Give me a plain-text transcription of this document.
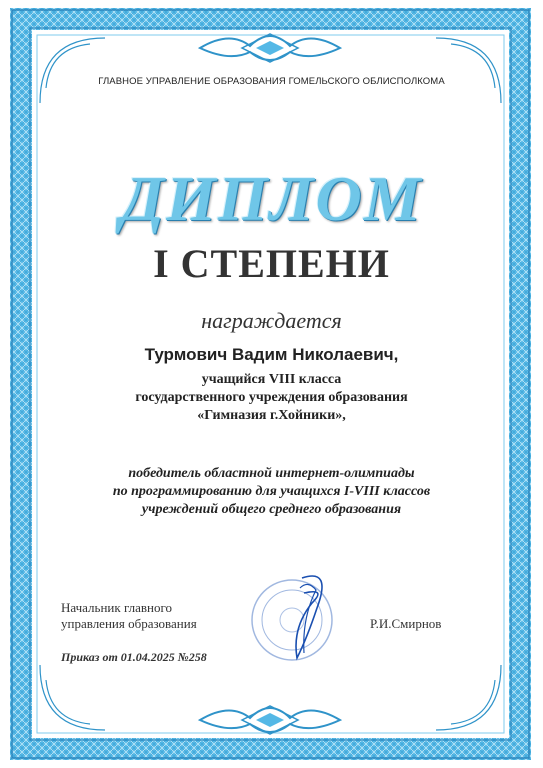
ГЛАВНОЕ УПРАВЛЕНИЕ ОБРАЗОВАНИЯ ГОМЕЛЬСКОГО ОБЛИСПОЛКОМА
ДИПЛОМ
I СТЕПЕНИ
награждается
Турмович Вадим Николаевич,
учащийся VIII класса
государственного учреждения образования
«Гимназия г.Хойники»,
победитель областной интернет-олимпиады
по программированию для учащихся I-VIII классов
учреждений общего среднего образования
Начальник главного
управления образования	Р.И.Смирнов
Приказ от 01.04.2025 №258
